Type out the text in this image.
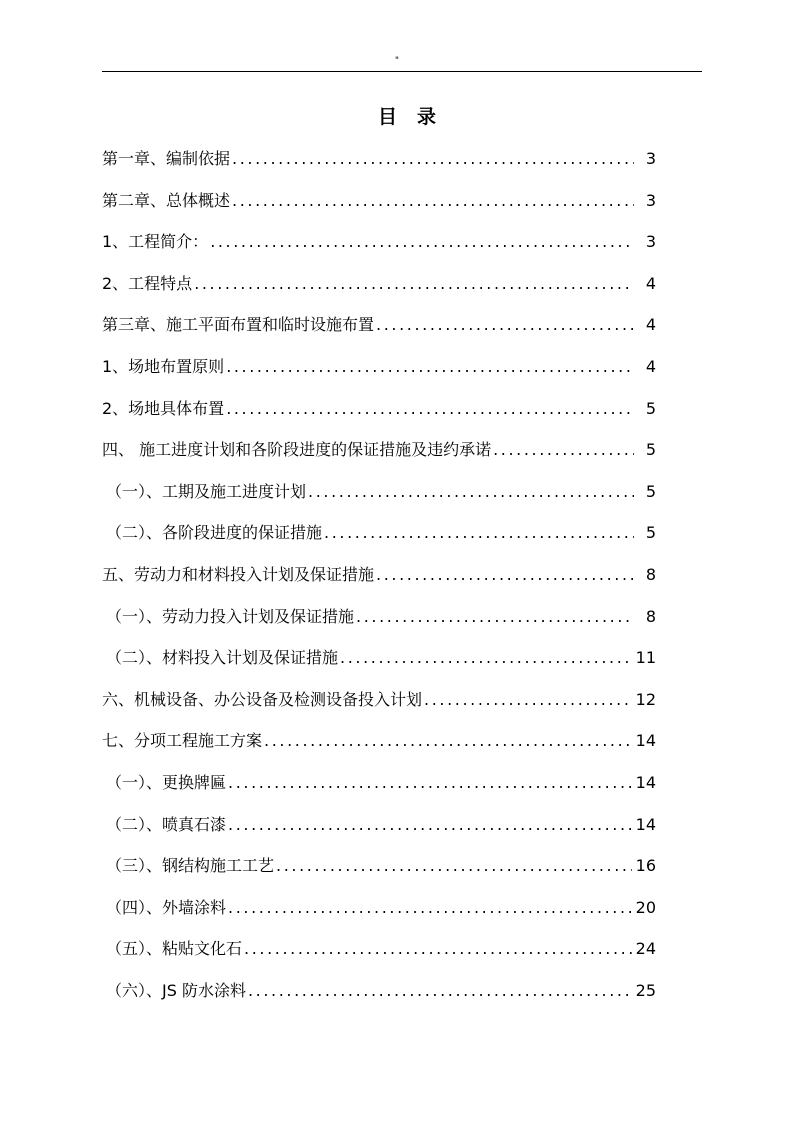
"
目录
第一章、编制依据 .....	3
第二章、总体概述 .....	3
1、工程简介： .....	3
2、工程特点 .....	4
第三章、施工平面布置和临时设施布置 .....	4
1、场地布置原则 .....	4
2、场地具体布置 .....	5
四、 施工进度计划和各阶段进度的保证措施及违约承诺 .....	5
（一）、工期及施工进度计划 .....	5
（二）、各阶段进度的保证措施 .....	5
五、劳动力和材料投入计划及保证措施 .....	8
（一）、劳动力投入计划及保证措施 .....	8
（二）、材料投入计划及保证措施 .....	11
六、机械设备、办公设备及检测设备投入计划 .....	12
七、分项工程施工方案 .....	14
（一）、更换牌匾 .....	14
（二）、喷真石漆 .....	14
（三）、钢结构施工工艺 .....	16
（四）、外墙涂料 .....	20
（五）、粘贴文化石 .....	24
（六）、JS 防水涂料 .....	25
